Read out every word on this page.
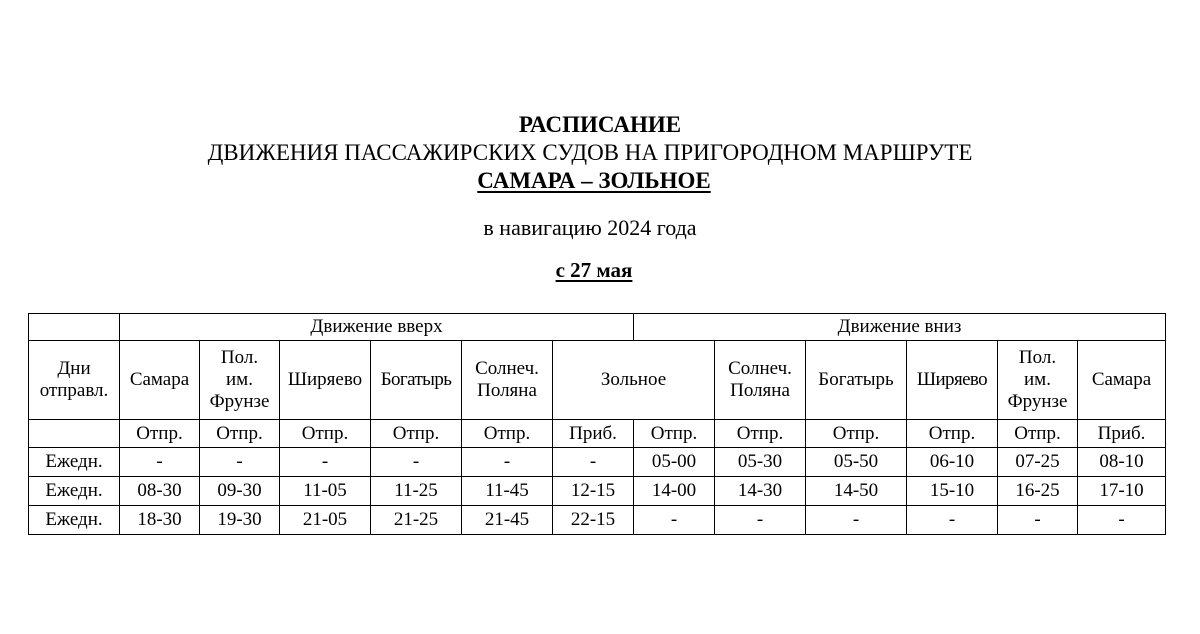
РАСПИСАНИЕ
ДВИЖЕНИЯ ПАССАЖИРСКИХ СУДОВ НА ПРИГОРОДНОМ МАРШРУТЕ
САМАРА – ЗОЛЬНОЕ
в навигацию 2024 года
с 27 мая
	Движение вверх						Движение вниз					
Дни
отправл.	Самара	Пол.
им.
Фрунзе	Ширяево	Богатырь	Солнеч.
Поляна	Зольное		Солнеч.
Поляна	Богатырь	Ширяево	Пол.
им.
Фрунзе	Самара
	Отпр.	Отпр.	Отпр.	Отпр.	Отпр.	Приб.	Отпр.	Отпр.	Отпр.	Отпр.	Отпр.	Приб.
Ежедн.	-	-	-	-	-	-	05-00	05-30	05-50	06-10	07-25	08-10
Ежедн.	08-30	09-30	11-05	11-25	11-45	12-15	14-00	14-30	14-50	15-10	16-25	17-10
Ежедн.	18-30	19-30	21-05	21-25	21-45	22-15	-	-	-	-	-	-
